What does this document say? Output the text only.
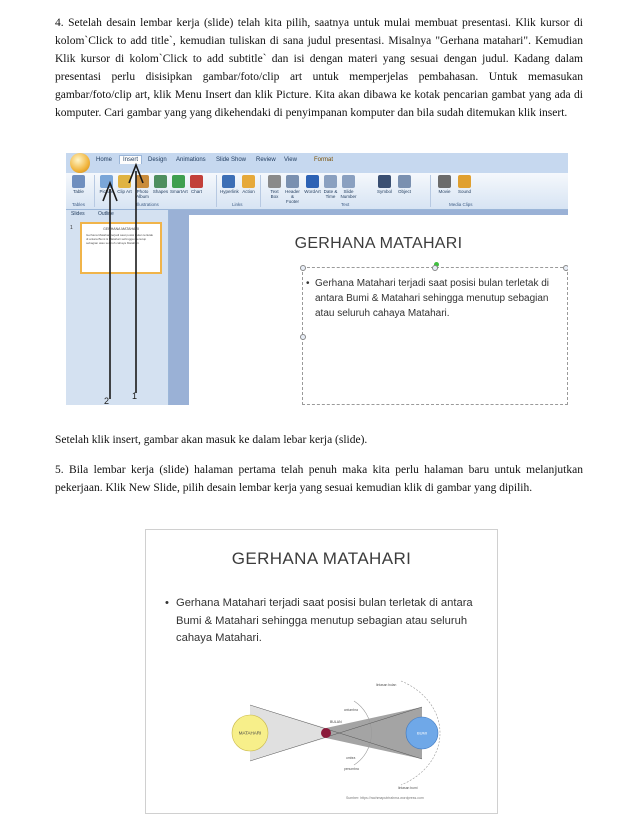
4. Setelah desain lembar kerja (slide) telah kita pilih, saatnya untuk mulai membuat presentasi. Klik kursor di kolom`Click to add title`, kemudian tuliskan di sana judul presentasi. Misalnya "Gerhana matahari". Kemudian Klik kursor di kolom`Click to add subtitle` dan isi dengan materi yang sesuai dengan judul. Kadang dalam presentasi perlu disisipkan gambar/foto/clip art untuk memperjelas pembahasan. Untuk memasukan gambar/foto/clip art, klik Menu Insert dan klik Picture. Kita akan dibawa ke kotak pencarian gambat yang ada di komputer. Cari gambar yang yang dikehendaki di penyimpanan komputer dan bila sudah ditemukan klik insert.

Home	Insert	Design Animations Slide Show Review View	Format
Table	Picture Clip Art	Photo Album
Shapes SmartArt Chart	Hyperlink Action	Text Box
Header & Footer
WordArt Date & Time
Slide Number
Symbol	Object	Movie	Sound
Tables	Illustrations	Links	Text	Media Clips
Slides	Outline
1	GERHANA MATAHARI
Gerhana Matahari terjadi saat posisi bulan terletak di antara Bumi & Matahari sehingga menutup sebagian atau seluruh cahaya Matahari.	GERHANA MATAHARI
• Gerhana Matahari terjadi saat posisi bulan terletak di antara Bumi & Matahari sehingga menutup sebagian atau seluruh cahaya Matahari.
2	1

Setelah klik insert, gambar akan masuk ke dalam lebar kerja (slide).

5. Bila lembar kerja (slide) halaman pertama telah penuh maka kita perlu halaman baru untuk melanjutkan pekerjaan. Klik New Slide, pilih desain lembar kerja yang sesuai kemudian klik di gambar yang dipilih.

GERHANA MATAHARI
• Gerhana Matahari terjadi saat posisi bulan terletak di antara Bumi & Matahari sehingga menutup sebagian atau seluruh cahaya Matahari.
MATAHARI
BULAN
BUMI
lintasan bulan
antumbra
umbra
penumbra
lintasan bumi
Sumber: https://rachmaputrirahma.wordpress.com
